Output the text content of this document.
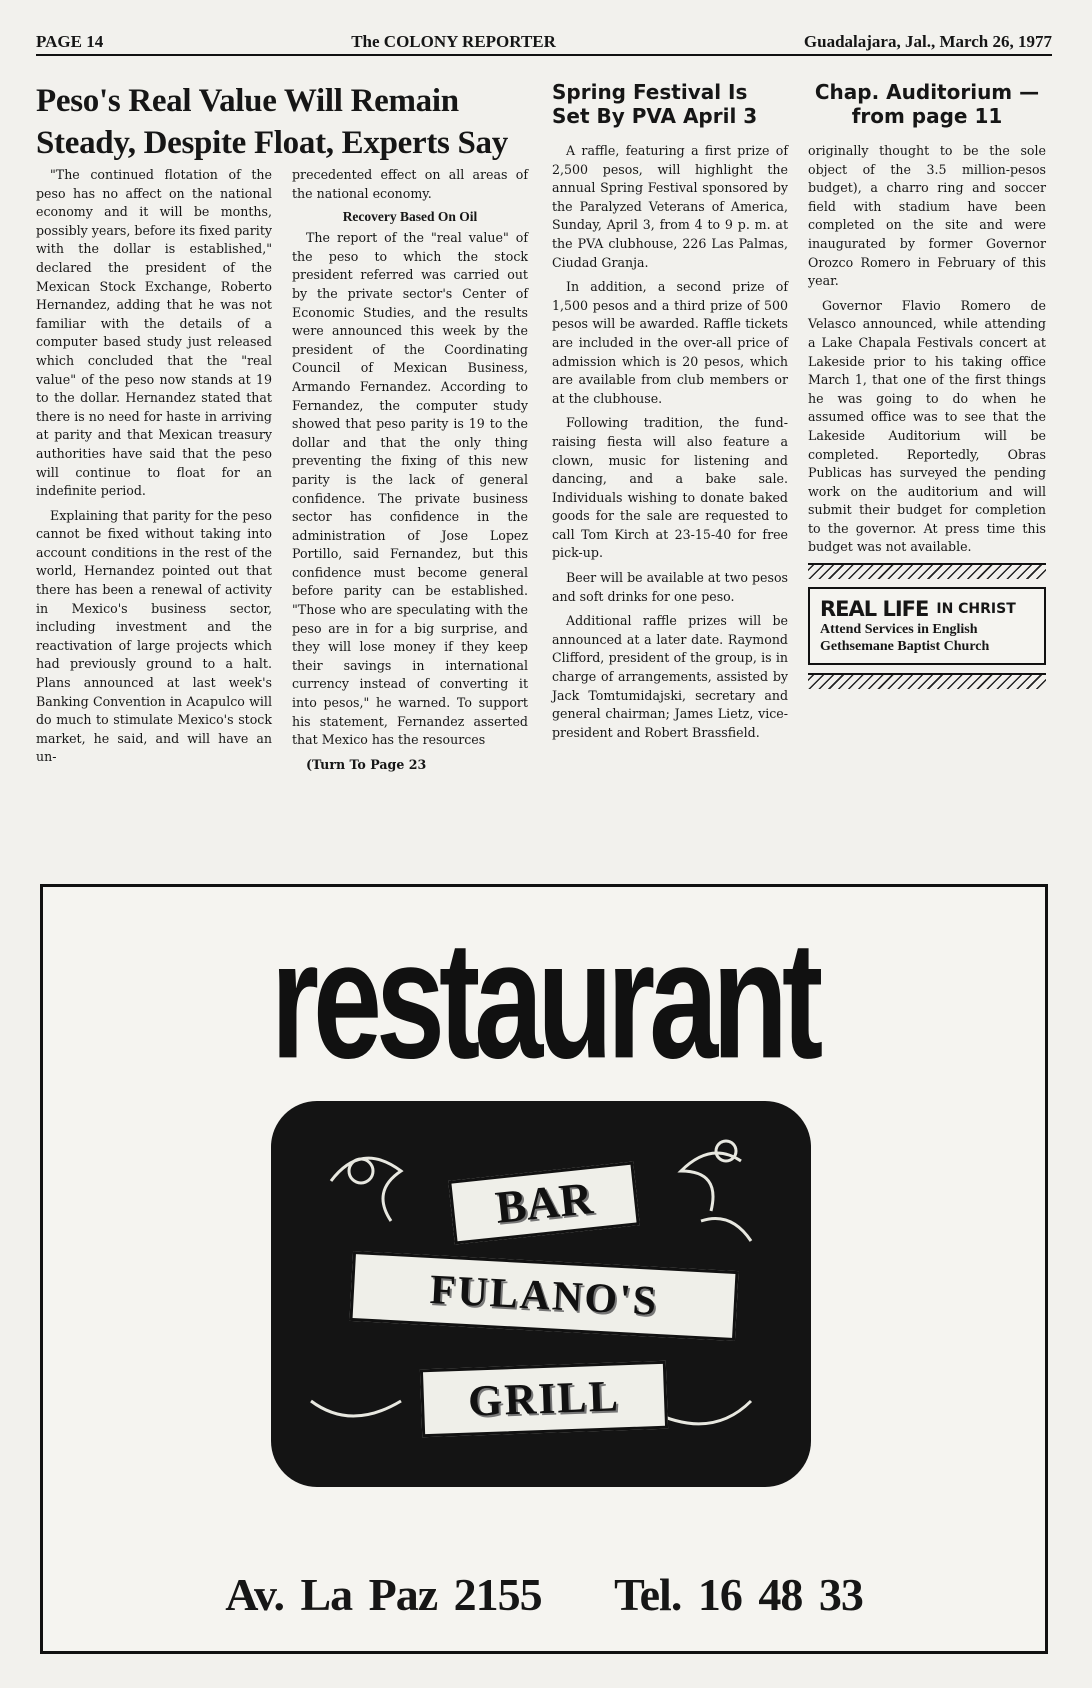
PAGE 14	The COLONY REPORTER	Guadalajara, Jal., March 26, 1977
Peso's Real Value Will Remain Steady, Despite Float, Experts Say

"The continued flotation of the peso has no affect on the national economy and it will be months, possibly years, before its fixed parity with the dollar is established," declared the president of the Mexican Stock Exchange, Roberto Hernandez, adding that he was not familiar with the details of a computer based study just released which concluded that the "real value" of the peso now stands at 19 to the dollar. Hernandez stated that there is no need for haste in arriving at parity and that Mexican treasury authorities have said that the peso will continue to float for an indefinite period.

Explaining that parity for the peso cannot be fixed without taking into account conditions in the rest of the world, Hernandez pointed out that there has been a renewal of activity in Mexico's business sector, including investment and the reactivation of large projects which had previously ground to a halt. Plans announced at last week's Banking Convention in Acapulco will do much to stimulate Mexico's stock market, he said, and will have an un-

precedented effect on all areas of the national economy.

Recovery Based On Oil

The report of the "real value" of the peso to which the stock president referred was carried out by the private sector's Center of Economic Studies, and the results were announced this week by the president of the Coordinating Council of Mexican Business, Armando Fernandez. According to Fernandez, the computer study showed that peso parity is 19 to the dollar and that the only thing preventing the fixing of this new parity is the lack of general confidence. The private business sector has confidence in the administration of Jose Lopez Portillo, said Fernandez, but this confidence must become general before parity can be established. "Those who are speculating with the peso are in for a big surprise, and they will lose money if they keep their savings in international currency instead of converting it into pesos," he warned. To support his statement, Fernandez asserted that Mexico has the resources

(Turn To Page 23

Spring Festival Is Set By PVA April 3

A raffle, featuring a first prize of 2,500 pesos, will highlight the annual Spring Festival sponsored by the Paralyzed Veterans of America, Sunday, April 3, from 4 to 9 p. m. at the PVA clubhouse, 226 Las Palmas, Ciudad Granja.

In addition, a second prize of 1,500 pesos and a third prize of 500 pesos will be awarded. Raffle tickets are included in the over-all price of admission which is 20 pesos, which are available from club members or at the clubhouse.

Following tradition, the fund-raising fiesta will also feature a clown, music for listening and dancing, and a bake sale. Individuals wishing to donate baked goods for the sale are requested to call Tom Kirch at 23-15-40 for free pick-up.

Beer will be available at two pesos and soft drinks for one peso.

Additional raffle prizes will be announced at a later date. Raymond Clifford, president of the group, is in charge of arrangements, assisted by Jack Tomtumidajski, secretary and general chairman; James Lietz, vice-president and Robert Brassfield.

Chap. Auditorium — from page 11

originally thought to be the sole object of the 3.5 million-pesos budget), a charro ring and soccer field with stadium have been completed on the site and were inaugurated by former Governor Orozco Romero in February of this year.

Governor Flavio Romero de Velasco announced, while attending a Lake Chapala Festivals concert at Lakeside prior to his taking office March 1, that one of the first things he was going to do when he assumed office was to see that the Lakeside Auditorium will be completed. Reportedly, Obras Publicas has surveyed the pending work on the auditorium and will submit their budget for completion to the governor. At press time this budget was not available.

REAL LIFE IN CHRIST
Attend Services in English
Gethsemane Baptist Church
restaurant
BAR
FULANO'S
GRILL
Av. La Paz 2155 Tel. 16 48 33
